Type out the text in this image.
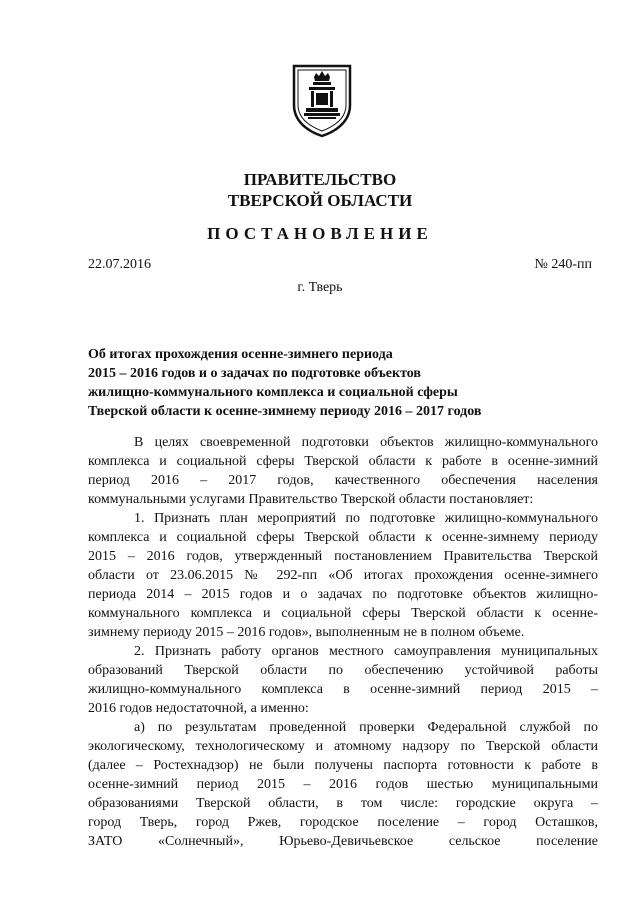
ПРАВИТЕЛЬСТВО
ТВЕРСКОЙ ОБЛАСТИ
ПОСТАНОВЛЕНИЕ
22.07.2016	№ 240-пп
г. Тверь
Об итогах прохождения осенне-зимнего периода
2015 – 2016 годов и о задачах по подготовке объектов
жилищно-коммунального комплекса и социальной сферы
Тверской области к осенне-зимнему периоду 2016 – 2017 годов

В целях своевременной подготовки объектов жилищно-коммунального
комплекса и социальной сферы Тверской области к работе в осенне-зимний
период 2016 – 2017 годов, качественного обеспечения населения
коммунальными услугами Правительство Тверской области постановляет:

1. Признать план мероприятий по подготовке жилищно-коммунального
комплекса и социальной сферы Тверской области к осенне-зимнему периоду
2015 – 2016 годов, утвержденный постановлением Правительства Тверской
области от 23.06.2015 № 292-пп «Об итогах прохождения осенне-зимнего
периода 2014 – 2015 годов и о задачах по подготовке объектов жилищно-
коммунального комплекса и социальной сферы Тверской области к осенне-
зимнему периоду 2015 – 2016 годов», выполненным не в полном объеме.

2. Признать работу органов местного самоуправления муниципальных
образований Тверской области по обеспечению устойчивой работы
жилищно-коммунального комплекса в осенне-зимний период 2015 –
2016 годов недостаточной, а именно:

а) по результатам проведенной проверки Федеральной службой по
экологическому, технологическому и атомному надзору по Тверской области
(далее – Ростехнадзор) не были получены паспорта готовности к работе в
осенне-зимний период 2015 – 2016 годов шестью муниципальными
образованиями Тверской области, в том числе: городские округа –
город Тверь, город Ржев, городское поселение – город Осташков,
ЗАТО «Солнечный», Юрьево-Девичьевское сельское поселение
